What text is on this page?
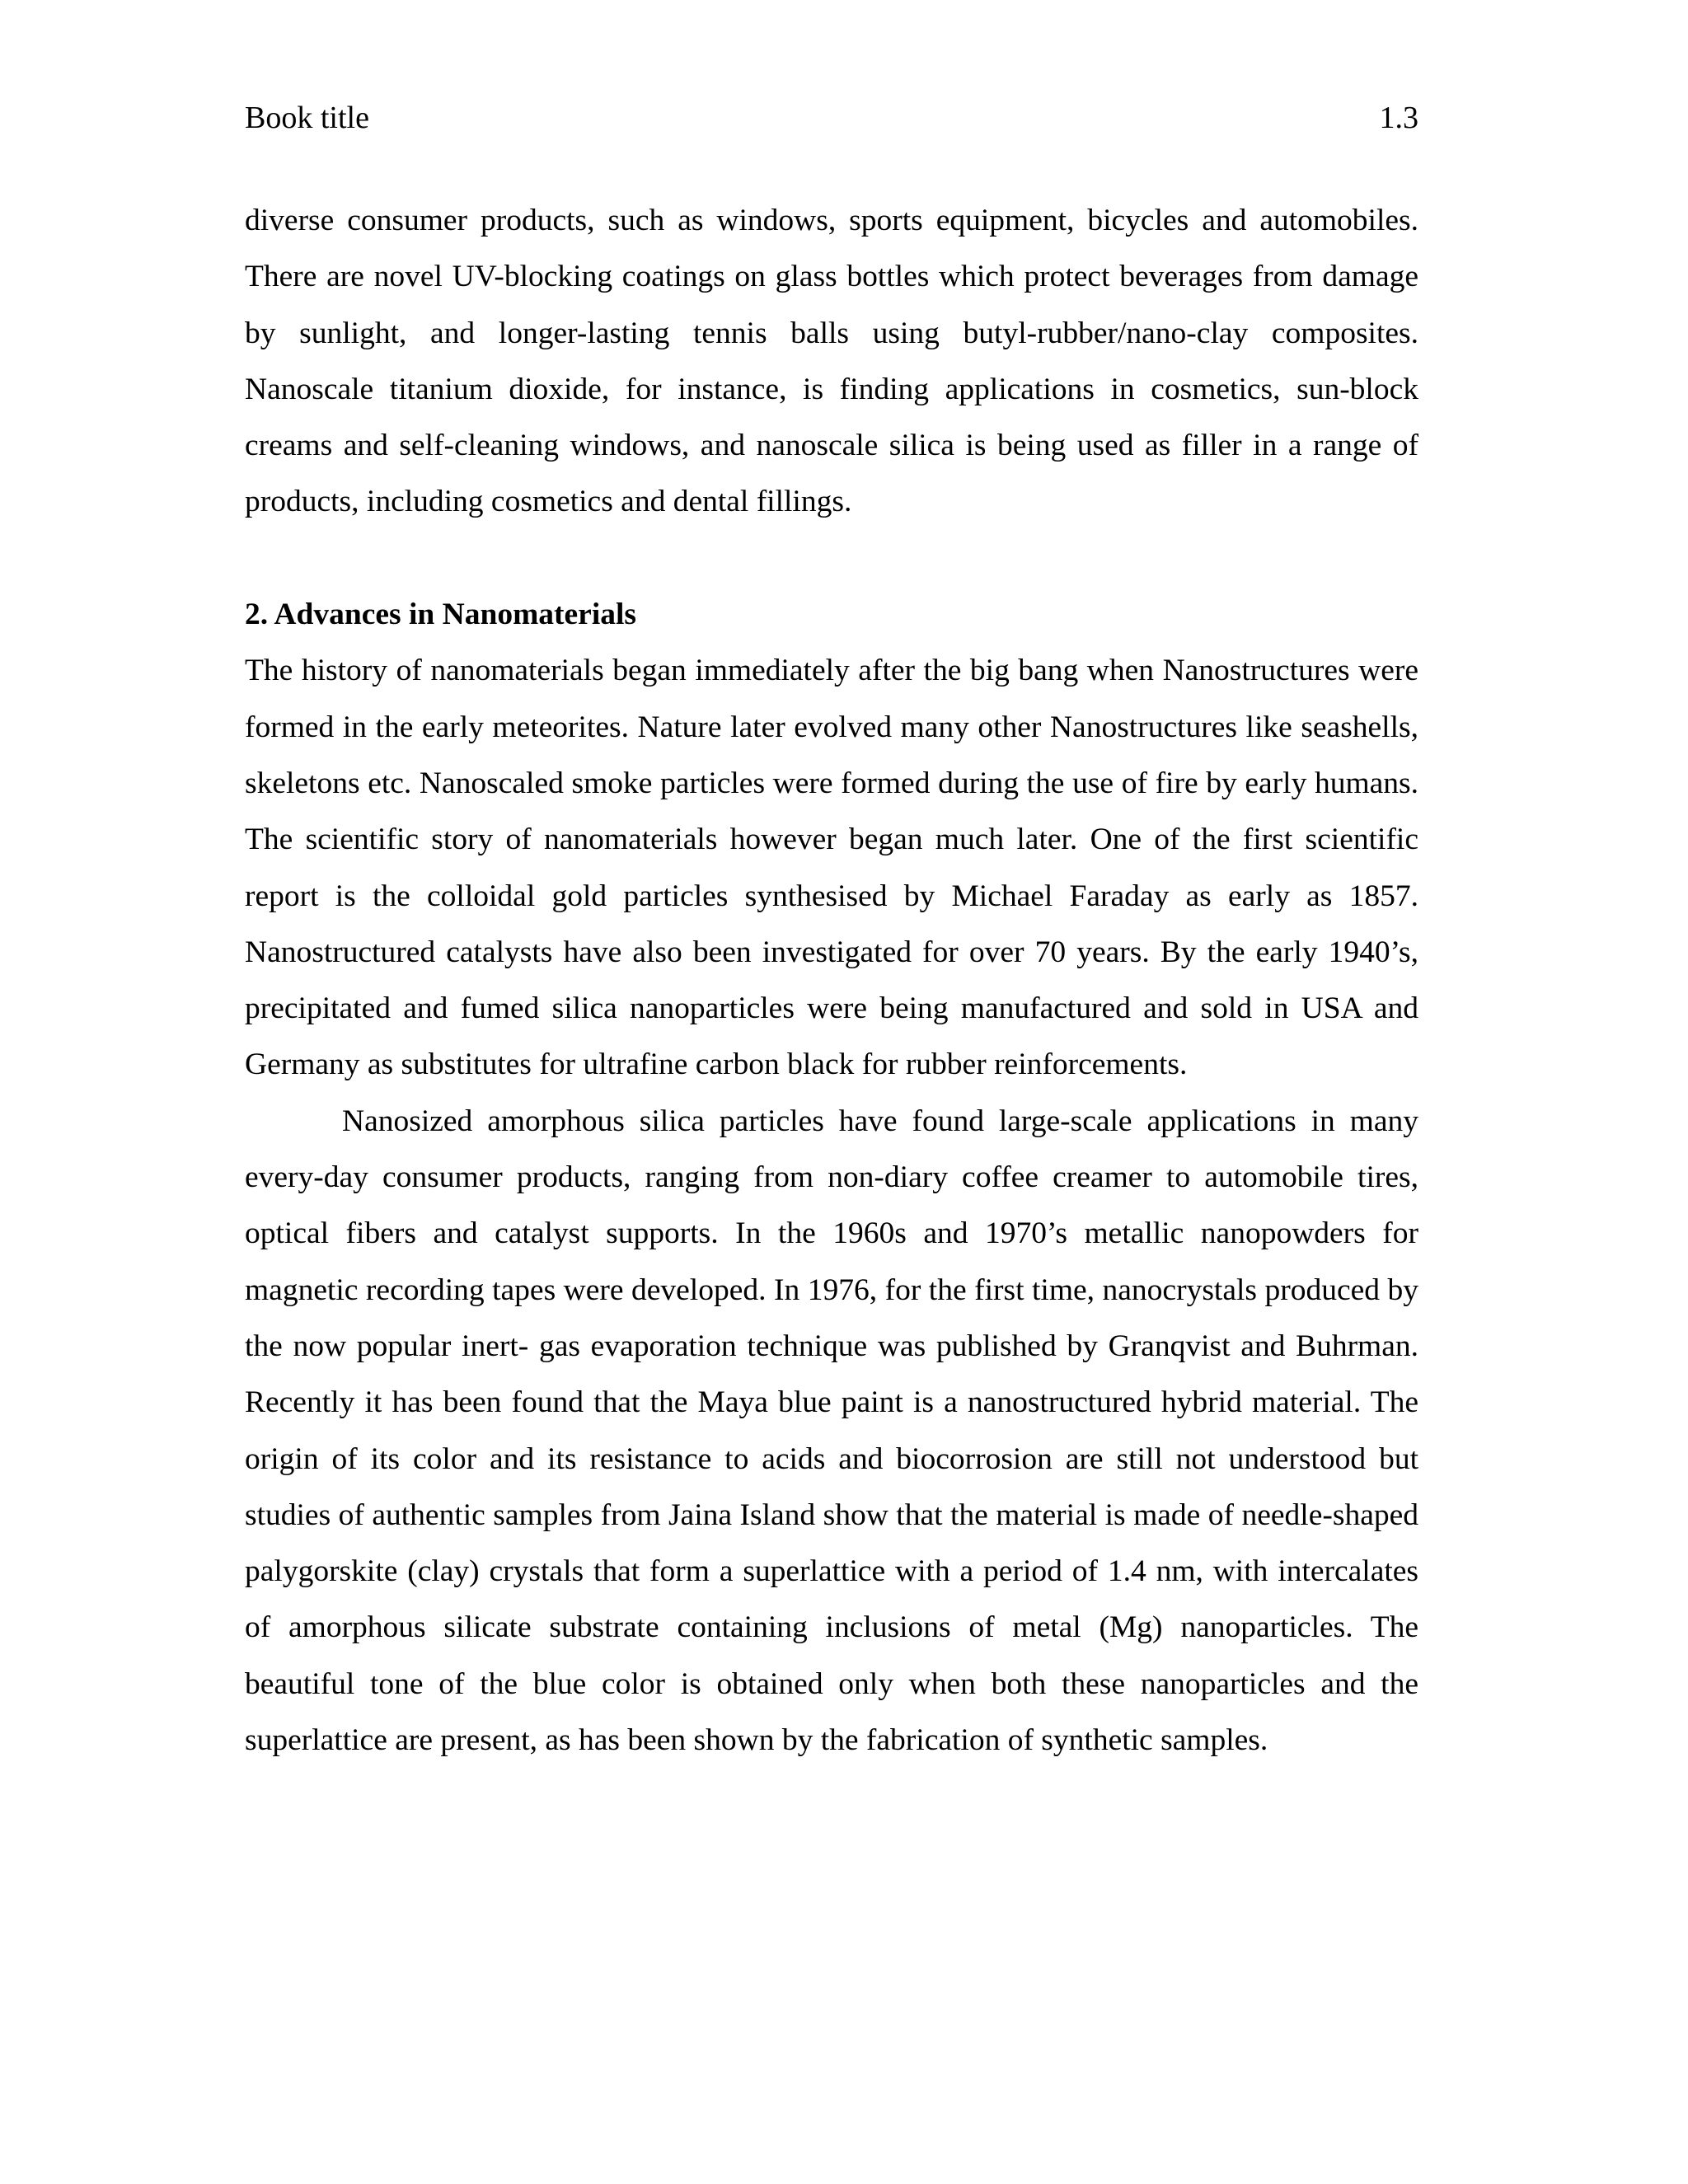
Book title	1.3

diverse consumer products, such as windows, sports equipment, bicycles and automobiles. There are novel UV-blocking coatings on glass bottles which protect beverages from damage by sunlight, and longer-lasting tennis balls using butyl-rubber/nano-clay composites. Nanoscale titanium dioxide, for instance, is finding applications in cosmetics, sun-block creams and self-cleaning windows, and nanoscale silica is being used as filler in a range of products, including cosmetics and dental fillings.

2. Advances in Nanomaterials

The history of nanomaterials began immediately after the big bang when Nanostructures were formed in the early meteorites. Nature later evolved many other Nanostructures like seashells, skeletons etc. Nanoscaled smoke particles were formed during the use of fire by early humans. The scientific story of nanomaterials however began much later. One of the first scientific report is the colloidal gold particles synthesised by Michael Faraday as early as 1857. Nanostructured catalysts have also been investigated for over 70 years. By the early 1940’s, precipitated and fumed silica nanoparticles were being manufactured and sold in USA and Germany as substitutes for ultrafine carbon black for rubber reinforcements.

Nanosized amorphous silica particles have found large-scale applications in many every-day consumer products, ranging from non-diary coffee creamer to automobile tires, optical fibers and catalyst supports. In the 1960s and 1970’s metallic nanopowders for magnetic recording tapes were developed. In 1976, for the first time, nanocrystals produced by the now popular inert- gas evaporation technique was published by Granqvist and Buhrman. Recently it has been found that the Maya blue paint is a nanostructured hybrid material. The origin of its color and its resistance to acids and biocorrosion are still not understood but studies of authentic samples from Jaina Island show that the material is made of needle-shaped palygorskite (clay) crystals that form a superlattice with a period of 1.4 nm, with intercalates of amorphous silicate substrate containing inclusions of metal (Mg) nanoparticles. The beautiful tone of the blue color is obtained only when both these nanoparticles and the superlattice are present, as has been shown by the fabrication of synthetic samples.
